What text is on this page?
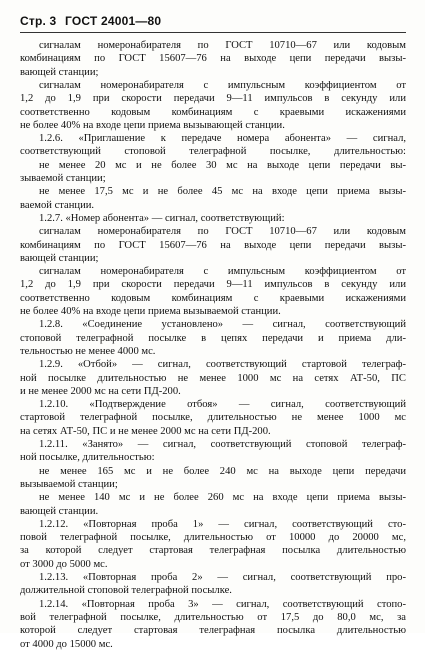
Стр. 3 ГОСТ 24001—80
сигналам номеронабирателя по ГОСТ 10710—67 или кодовым
комбинациям по ГОСТ 15607—76 на выходе цепи передачи вызы-
вающей станции;
сигналам номеронабирателя с импульсным коэффициентом от
1,2 до 1,9 при скорости передачи 9—11 импульсов в секунду или
соответственно кодовым комбинациям с краевыми искажениями
не более 40% на входе цепи приема вызывающей станции.
1.2.6. «Приглашение к передаче номера абонента» — сигнал,
соответствующий стоповой телеграфной посылке, длительностью:
не менее 20 мс и не более 30 мс на выходе цепи передачи вы-
зываемой станции;
не менее 17,5 мс и не более 45 мс на входе цепи приема вызы-
ваемой станции.
1.2.7. «Номер абонента» — сигнал, соответствующий:
сигналам номеронабирателя по ГОСТ 10710—67 или кодовым
комбинациям по ГОСТ 15607—76 на выходе цепи передачи вызы-
вающей станции;
сигналам номеронабирателя с импульсным коэффициентом от
1,2 до 1,9 при скорости передачи 9—11 импульсов в секунду или
соответственно кодовым комбинациям с краевыми искажениями
не более 40% на входе цепи приема вызываемой станции.
1.2.8. «Соединение установлено» — сигнал, соответствующий
стоповой телеграфной посылке в цепях передачи и приема дли-
тельностью не менее 4000 мс.
1.2.9. «Отбой» — сигнал, соответствующий стартовой телеграф-
ной посылке длительностью не менее 1000 мс на сетях АТ-50, ПС
и не менее 2000 мс на сети ПД-200.
1.2.10. «Подтверждение отбоя» — сигнал, соответствующий
стартовой телеграфной посылке, длительностью не менее 1000 мс
на сетях АТ-50, ПС и не менее 2000 мс на сети ПД-200.
1.2.11. «Занято» — сигнал, соответствующий стоповой телеграф-
ной посылке, длительностью:
не менее 165 мс и не более 240 мс на выходе цепи передачи
вызываемой станции;
не менее 140 мс и не более 260 мс на входе цепи приема вызы-
вающей станции.
1.2.12. «Повторная проба 1» — сигнал, соответствующий сто-
повой телеграфной посылке, длительностью от 10000 до 20000 мс,
за которой следует стартовая телеграфная посылка длительностью
от 3000 до 5000 мс.
1.2.13. «Повторная проба 2» — сигнал, соответствующий про-
должительной стоповой телеграфной посылке.
1.2.14. «Повторная проба 3» — сигнал, соответствующий стопо-
вой телеграфной посылке, длительностью от 17,5 до 80,0 мс, за
которой следует стартовая телеграфная посылка длительностью
от 4000 до 15000 мс.
